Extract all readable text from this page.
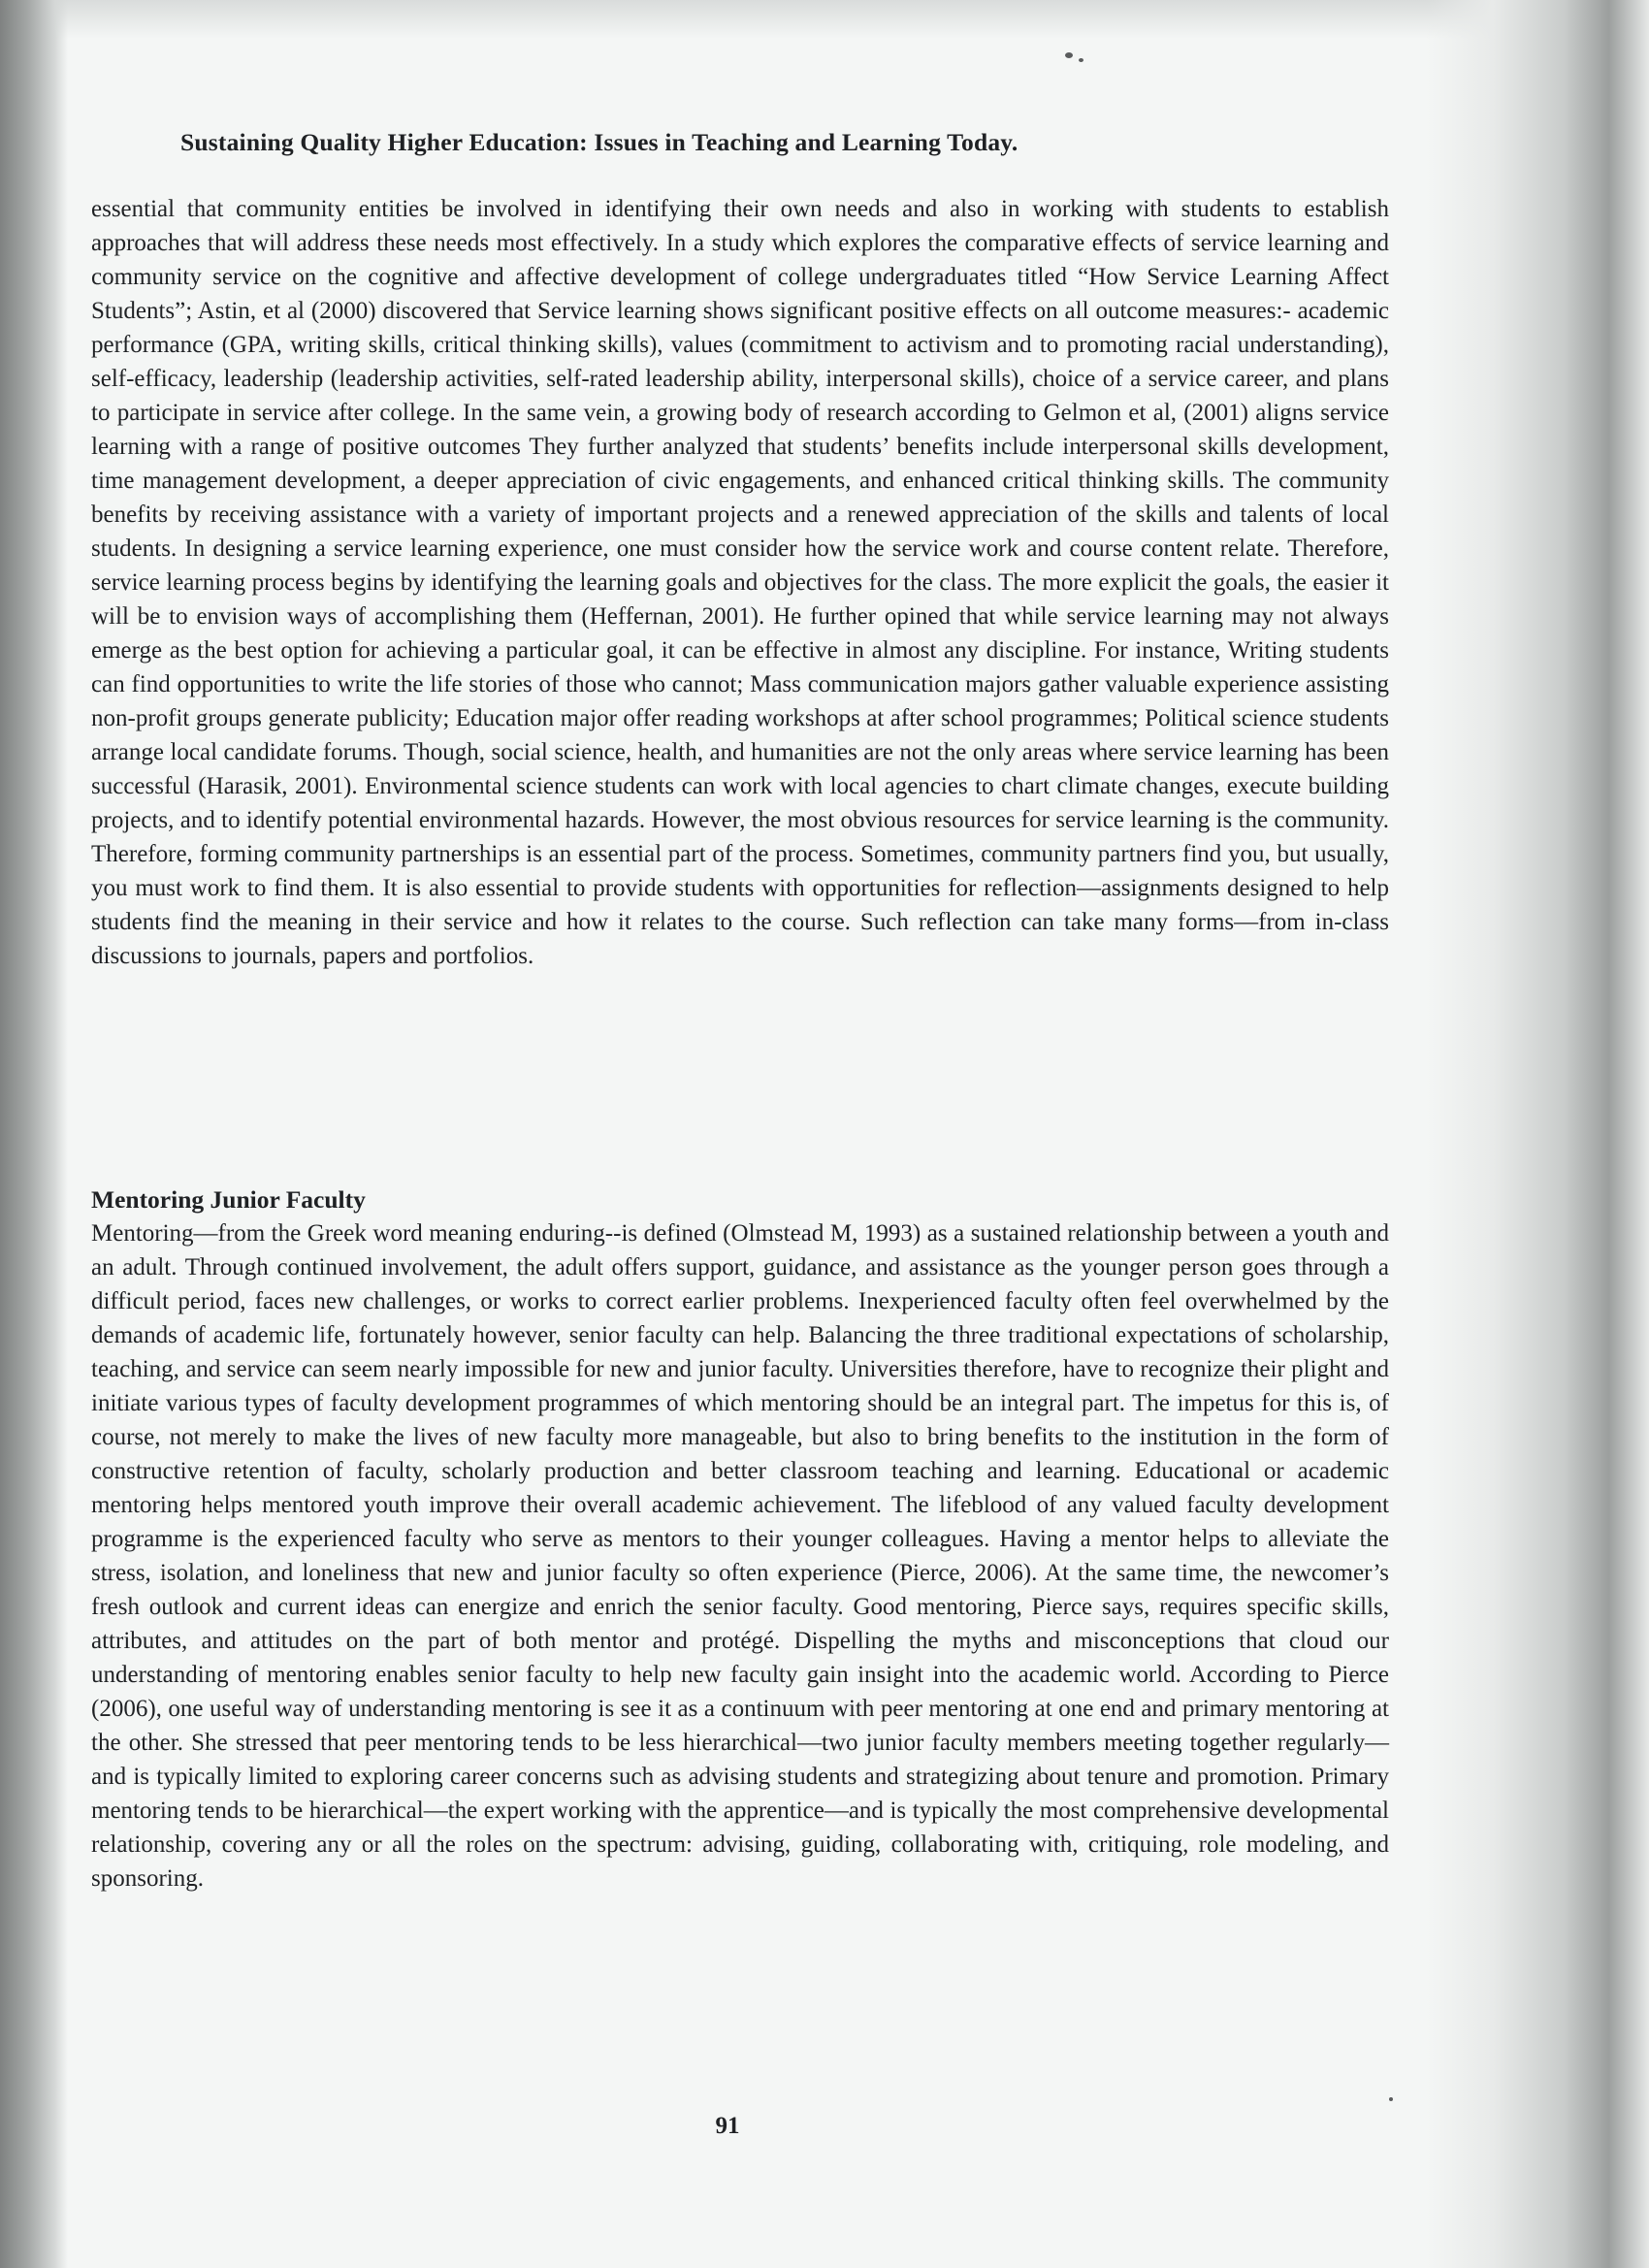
Sustaining Quality Higher Education: Issues in Teaching and Learning Today.

essential that community entities be involved in identifying their own needs and also in working with students to establish approaches that will address these needs most effectively. In a study which explores the comparative effects of service learning and community service on the cognitive and affective development of college undergraduates titled “How Service Learning Affect Students”; Astin, et al (2000) discovered that Service learning shows significant positive effects on all outcome measures:- academic performance (GPA, writing skills, critical thinking skills), values (commitment to activism and to promoting racial understanding), self-efficacy, leadership (leadership activities, self-rated leadership ability, interpersonal skills), choice of a service career, and plans to participate in service after college. In the same vein, a growing body of research according to Gelmon et al, (2001) aligns service learning with a range of positive outcomes They further analyzed that students’ benefits include interpersonal skills development, time management development, a deeper appreciation of civic engagements, and enhanced critical thinking skills. The community benefits by receiving assistance with a variety of important projects and a renewed appreciation of the skills and talents of local students. In designing a service learning experience, one must consider how the service work and course content relate. Therefore, service learning process begins by identifying the learning goals and objectives for the class. The more explicit the goals, the easier it will be to envision ways of accomplishing them (Heffernan, 2001). He further opined that while service learning may not always emerge as the best option for achieving a particular goal, it can be effective in almost any discipline. For instance, Writing students can find opportunities to write the life stories of those who cannot; Mass communication majors gather valuable experience assisting non-profit groups generate publicity; Education major offer reading workshops at after school programmes; Political science students arrange local candidate forums. Though, social science, health, and humanities are not the only areas where service learning has been successful (Harasik, 2001). Environmental science students can work with local agencies to chart climate changes, execute building projects, and to identify potential environmental hazards. However, the most obvious resources for service learning is the community. Therefore, forming community partnerships is an essential part of the process. Sometimes, community partners find you, but usually, you must work to find them. It is also essential to provide students with opportunities for reflection—assignments designed to help students find the meaning in their service and how it relates to the course. Such reflection can take many forms—from in-class discussions to journals, papers and portfolios.

Mentoring Junior Faculty

Mentoring—from the Greek word meaning enduring--is defined (Olmstead M, 1993) as a sustained relationship between a youth and an adult. Through continued involvement, the adult offers support, guidance, and assistance as the younger person goes through a difficult period, faces new challenges, or works to correct earlier problems. Inexperienced faculty often feel overwhelmed by the demands of academic life, fortunately however, senior faculty can help. Balancing the three traditional expectations of scholarship, teaching, and service can seem nearly impossible for new and junior faculty. Universities therefore, have to recognize their plight and initiate various types of faculty development programmes of which mentoring should be an integral part. The impetus for this is, of course, not merely to make the lives of new faculty more manageable, but also to bring benefits to the institution in the form of constructive retention of faculty, scholarly production and better classroom teaching and learning. Educational or academic mentoring helps mentored youth improve their overall academic achievement. The lifeblood of any valued faculty development programme is the experienced faculty who serve as mentors to their younger colleagues. Having a mentor helps to alleviate the stress, isolation, and loneliness that new and junior faculty so often experience (Pierce, 2006). At the same time, the newcomer’s fresh outlook and current ideas can energize and enrich the senior faculty. Good mentoring, Pierce says, requires specific skills, attributes, and attitudes on the part of both mentor and protégé. Dispelling the myths and misconceptions that cloud our understanding of mentoring enables senior faculty to help new faculty gain insight into the academic world. According to Pierce (2006), one useful way of understanding mentoring is see it as a continuum with peer mentoring at one end and primary mentoring at the other. She stressed that peer mentoring tends to be less hierarchical—two junior faculty members meeting together regularly—and is typically limited to exploring career concerns such as advising students and strategizing about tenure and promotion. Primary mentoring tends to be hierarchical—the expert working with the apprentice—and is typically the most comprehensive developmental relationship, covering any or all the roles on the spectrum: advising, guiding, collaborating with, critiquing, role modeling, and sponsoring.

91
